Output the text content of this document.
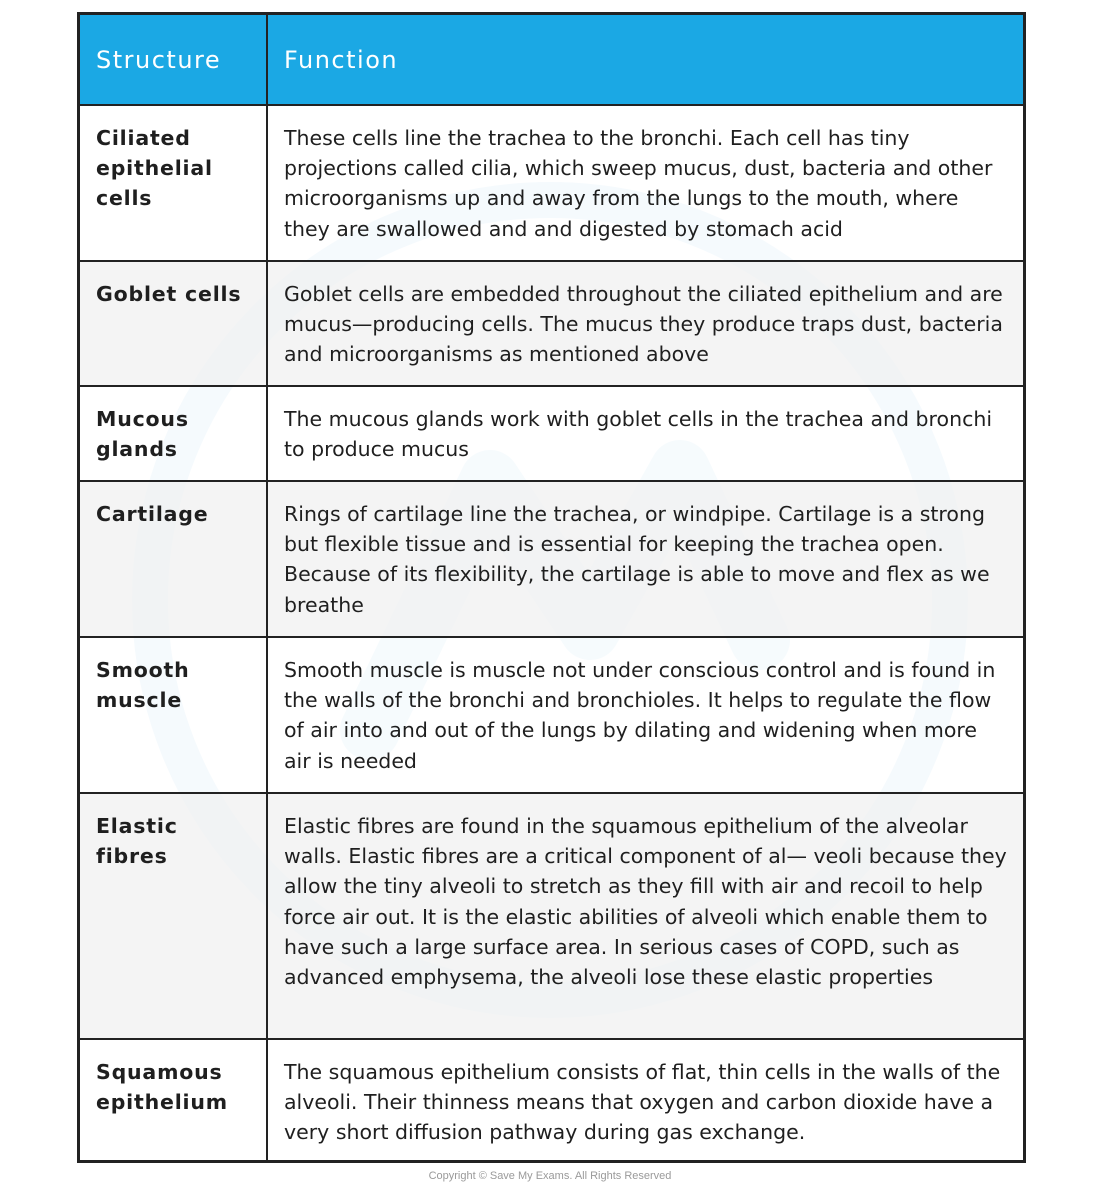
Structure	Function
Ciliated epithelial cells	These cells line the trachea to the bronchi. Each cell has tiny projections called cilia, which sweep mucus, dust, bacteria and other microorganisms up and away from the lungs to the mouth, where they are swallowed and and digested by stomach acid
Goblet cells	Goblet cells are embedded throughout the ciliated epithelium and are mucus—producing cells. The mucus they produce traps dust, bacteria and microorganisms as mentioned above
Mucous glands	The mucous glands work with goblet cells in the trachea and bronchi to produce mucus
Cartilage	Rings of cartilage line the trachea, or windpipe. Cartilage is a strong but flexible tissue and is essential for keeping the trachea open. Because of its flexibility, the cartilage is able to move and flex as we breathe
Smooth muscle	Smooth muscle is muscle not under conscious control and is found in the walls of the bronchi and bronchioles. It helps to regulate the flow of air into and out of the lungs by dilating and widening when more air is needed
Elastic fibres	Elastic fibres are found in the squamous epithelium of the alveolar walls. Elastic fibres are a critical component of al— veoli because they allow the tiny alveoli to stretch as they fill with air and recoil to help force air out. It is the elastic abilities of alveoli which enable them to have such a large surface area. In serious cases of COPD, such as advanced emphysema, the alveoli lose these elastic properties
Squamous epithelium	The squamous epithelium consists of flat, thin cells in the walls of the alveoli. Their thinness means that oxygen and carbon dioxide have a very short diffusion pathway during gas exchange.
Copyright © Save My Exams. All Rights Reserved
